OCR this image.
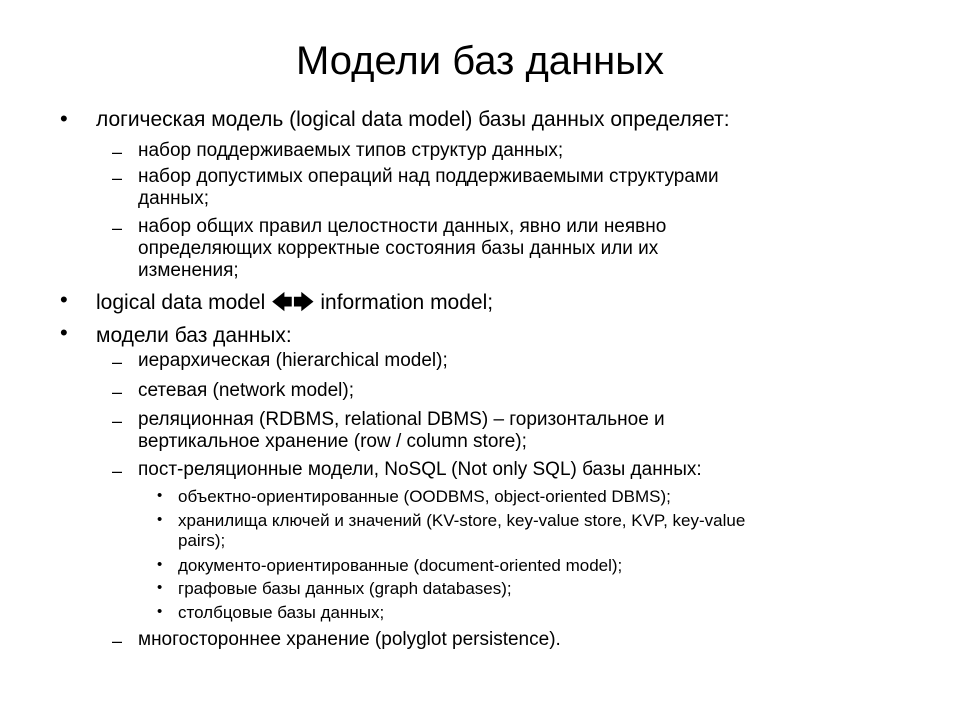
Модели баз данных
• логическая модель (logical data model) базы данных определяет:
– набор поддерживаемых типов структур данных;
– набор допустимых операций над поддерживаемыми структурами
данных;
– набор общих правил целостности данных, явно или неявно
определяющих корректные состояния базы данных или их
изменения;
• logical data model 🡄🡆 information model;
• модели баз данных:
– иерархическая (hierarchical model);
– сетевая (network model);
– реляционная (RDBMS, relational DBMS) – горизонтальное и
вертикальное хранение (row / column store);
– пост-реляционные модели, NoSQL (Not only SQL) базы данных:
• объектно-ориентированные (OODBMS, object-oriented DBMS);
• хранилища ключей и значений (KV-store, key-value store, KVP, key-value
pairs);
• документо-ориентированные (document-oriented model);
• графовые базы данных (graph databases);
• столбцовые базы данных;
– многостороннее хранение (polyglot persistence).
